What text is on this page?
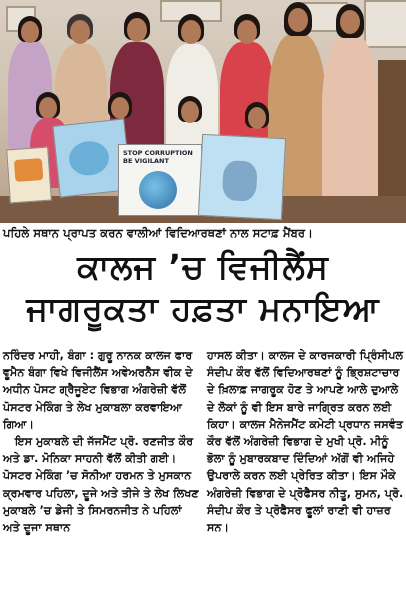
STOP CORRUPTION BE VIGILANT
ਪਹਿਲੇ ਸਥਾਨ ਪ੍ਰਾਪਤ ਕਰਨ ਵਾਲੀਆਂ ਵਿਦਿਆਰਥਣਾਂ ਨਾਲ ਸਟਾਫ਼ ਮੈਂਬਰ।
ਕਾਲਜ ’ਚ ਵਿਜੀਲੈਂਸ
ਜਾਗਰੂਕਤਾ ਹਫ਼ਤਾ ਮਨਾਇਆ

ਨਰਿੰਦਰ ਮਾਹੀ, ਬੰਗਾ : ਗੁਰੂ ਨਾਨਕ ਕਾਲਜ ਫਾਰ ਵੂਮੈਨ ਬੰਗਾ ਵਿਖੇ ਵਿਜੀਲੈਂਸ ਅਵੇਅਰਨੈੱਸ ਵੀਕ ਦੇ ਅਧੀਨ ਪੋਸਟ ਗ੍ਰੈਜੂਏਟ ਵਿਭਾਗ ਅੰਗਰੇਜ਼ੀ ਵੱਲੋਂ ਪੋਸਟਰ ਮੇਕਿੰਗ ਤੇ ਲੇਖ ਮੁਕਾਬਲਾ ਕਰਵਾਇਆ ਗਿਆ।

ਇਸ ਮੁਕਾਬਲੇ ਦੀ ਜੱਜਮੈਂਟ ਪ੍ਰੋ. ਰਣਜੀਤ ਕੌਰ ਅਤੇ ਡਾ. ਮੋਨਿਕਾ ਸਾਹਨੀ ਵੱਲੋਂ ਕੀਤੀ ਗਈ। ਪੋਸਟਰ ਮੇਕਿੰਗ ’ਚ ਸੋਨੀਆ ਹਰਮਨ ਤੇ ਮੁਸਕਾਨ ਕ੍ਰਮਵਾਰ ਪਹਿਲਾ, ਦੂਜੇ ਅਤੇ ਤੀਜੇ ਤੇ ਲੇਖ ਲਿਖਣ ਮੁਕਾਬਲੇ ’ਚ ਡੇਜੀ ਤੇ ਸਿਮਰਨਜੀਤ ਨੇ ਪਹਿਲਾਂ ਅਤੇ ਦੂਜਾ ਸਥਾਨ

ਹਾਸਲ ਕੀਤਾ। ਕਾਲਜ ਦੇ ਕਾਰਜਕਾਰੀ ਪ੍ਰਿੰਸੀਪਲ ਸੰਦੀਪ ਕੌਰ ਵੱਲੋਂ ਵਿਦਿਆਰਥਣਾਂ ਨੂੰ ਭ੍ਰਿਸ਼ਟਾਚਾਰ ਦੇ ਖ਼ਿਲਾਫ਼ ਜਾਗਰੂਕ ਹੋਣ ਤੇ ਆਪਣੇ ਆਲੇ ਦੁਆਲੇ ਦੇ ਲੋਕਾਂ ਨੂੰ ਵੀ ਇਸ ਬਾਰੇ ਜਾਗ੍ਰਿਤ ਕਰਨ ਲਈ ਕਿਹਾ। ਕਾਲਜ ਮੈਨੇਜਮੈਂਟ ਕਮੇਟੀ ਪ੍ਰਧਾਨ ਜਸਵੰਤ ਕੌਰ ਵੱਲੋਂ ਅੰਗਰੇਜ਼ੀ ਵਿਭਾਗ ਦੇ ਮੁਖੀ ਪ੍ਰੋ. ਮੀਨੂੰ ਭੋਲਾ ਨੂੰ ਮੁਬਾਰਕਬਾਦ ਦਿੰਦਿਆਂ ਅੱਗੋਂ ਵੀ ਅਜਿਹੇ ਉਪਰਾਲੇ ਕਰਨ ਲਈ ਪ੍ਰੇਰਿਤ ਕੀਤਾ। ਇਸ ਮੌਕੇ ਅੰਗਰੇਜ਼ੀ ਵਿਭਾਗ ਦੇ ਪ੍ਰੋਫੈਸਰ ਨੀਤੂ, ਸੁਮਨ, ਪ੍ਰੋ. ਸੰਦੀਪ ਕੌਰ ਤੇ ਪ੍ਰੋਫੈਸਰ ਫੂਲਾਂ ਰਾਣੀ ਵੀ ਹਾਜ਼ਰ ਸਨ।
